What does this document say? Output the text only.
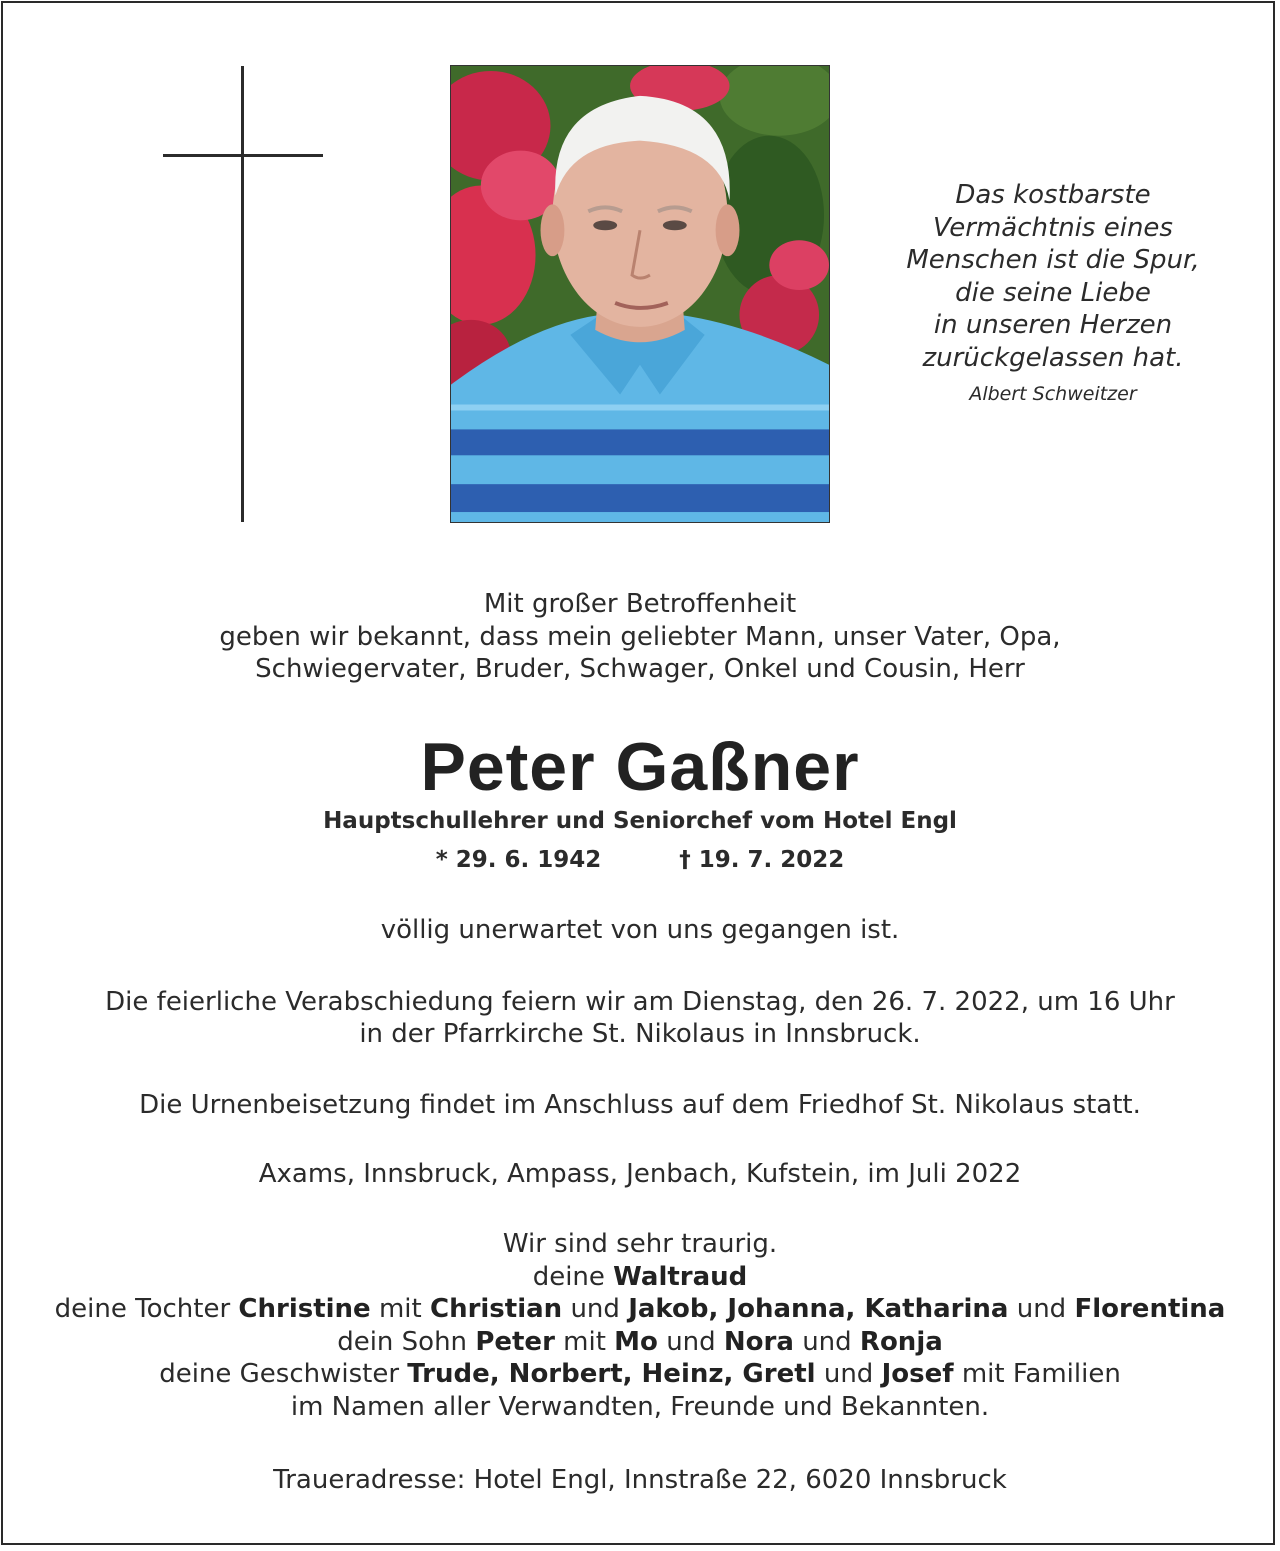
Das kostbarste
Vermächtnis eines
Menschen ist die Spur,
die seine Liebe
in unseren Herzen
zurückgelassen hat.
Albert Schweitzer
Mit großer Betroffenheit
geben wir bekannt, dass mein geliebter Mann, unser Vater, Opa,
Schwiegervater, Bruder, Schwager, Onkel und Cousin, Herr
Peter Gaßner
Hauptschullehrer und Seniorchef vom Hotel Engl
* 29. 6. 1942	† 19. 7. 2022
völlig unerwartet von uns gegangen ist.
Die feierliche Verabschiedung feiern wir am Dienstag, den 26. 7. 2022, um 16 Uhr
in der Pfarrkirche St. Nikolaus in Innsbruck.
Die Urnenbeisetzung findet im Anschluss auf dem Friedhof St. Nikolaus statt.
Axams, Innsbruck, Ampass, Jenbach, Kufstein, im Juli 2022
Wir sind sehr traurig.
deine Waltraud
deine Tochter Christine mit Christian und Jakob, Johanna, Katharina und Florentina
dein Sohn Peter mit Mo und Nora und Ronja
deine Geschwister Trude, Norbert, Heinz, Gretl und Josef mit Familien
im Namen aller Verwandten, Freunde und Bekannten.
Traueradresse: Hotel Engl, Innstraße 22, 6020 Innsbruck
